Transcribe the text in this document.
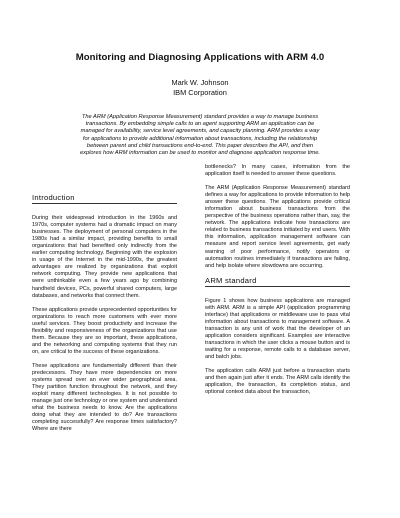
Monitoring and Diagnosing Applications with ARM 4.0
Mark W. Johnson
IBM Corporation
The ARM (Application Response Measurement) standard provides a way to manage business transactions. By embedding simple calls to an agent supporting ARM an application can be managed for availability, service level agreements, and capacity planning. ARM provides a way for applications to provide additional information about transactions, including the relationship between parent and child transactions end-to-end. This paper describes the API, and then explores how ARM information can be used to monitor and diagnose application response time.
Introduction

During their widespread introduction in the 1960s and 1970s, computer systems had a dramatic impact on many businesses. The deployment of personal computers in the 1980s had a similar impact, providing benefits to small organizations that had benefited only indirectly from the earlier computing technology. Beginning with the explosion in usage of the Internet in the mid-1990s, the greatest advantages are realized by organizations that exploit network computing. They provide new applications that were unthinkable even a few years ago by combining handheld devices, PCs, powerful shared computers, large databases, and networks that connect them.

These applications provide unprecedented opportunities for organizations to reach more customers with ever more useful services. They boost productivity and increase the flexibility and responsiveness of the organizations that use them. Because they are so important, these applications, and the networking and computing systems that they run on, are critical to the success of these organizations.

These applications are fundamentally different than their predecessors. They have more dependencies on more systems spread over an ever wider geographical area. They partition function throughout the network, and they exploit many different technologies. It is not possible to manage just one technology or one system and understand what the business needs to know. Are the applications doing what they are intended to do? Are transactions completing successfully? Are response times satisfactory? Where are there

bottlenecks? In many cases, information from the application itself is needed to answer these questions.

The ARM (Application Response Measurement) standard defines a way for applications to provide information to help answer these questions. The applications provide critical information about business transactions from the perspective of the business operations rather than, say, the network. The applications indicate how transactions are related to business transactions initiated by end users. With this information, application management software can measure and report service level agreements, get early warning of poor performance, notify operators or automation routines immediately if transactions are failing, and help isolate where slowdowns are occurring.

ARM standard

Figure 1 shows how business applications are managed with ARM. ARM is a simple API (application programming interface) that applications or middleware use to pass vital information about transactions to management software. A transaction is any unit of work that the developer of an application considers significant. Examples are interactive transactions in which the user clicks a mouse button and is waiting for a response, remote calls to a database server, and batch jobs.

The application calls ARM just before a transaction starts and then again just after it ends. The ARM calls identify the application, the transaction, its completion status, and optional context data about the transaction,
